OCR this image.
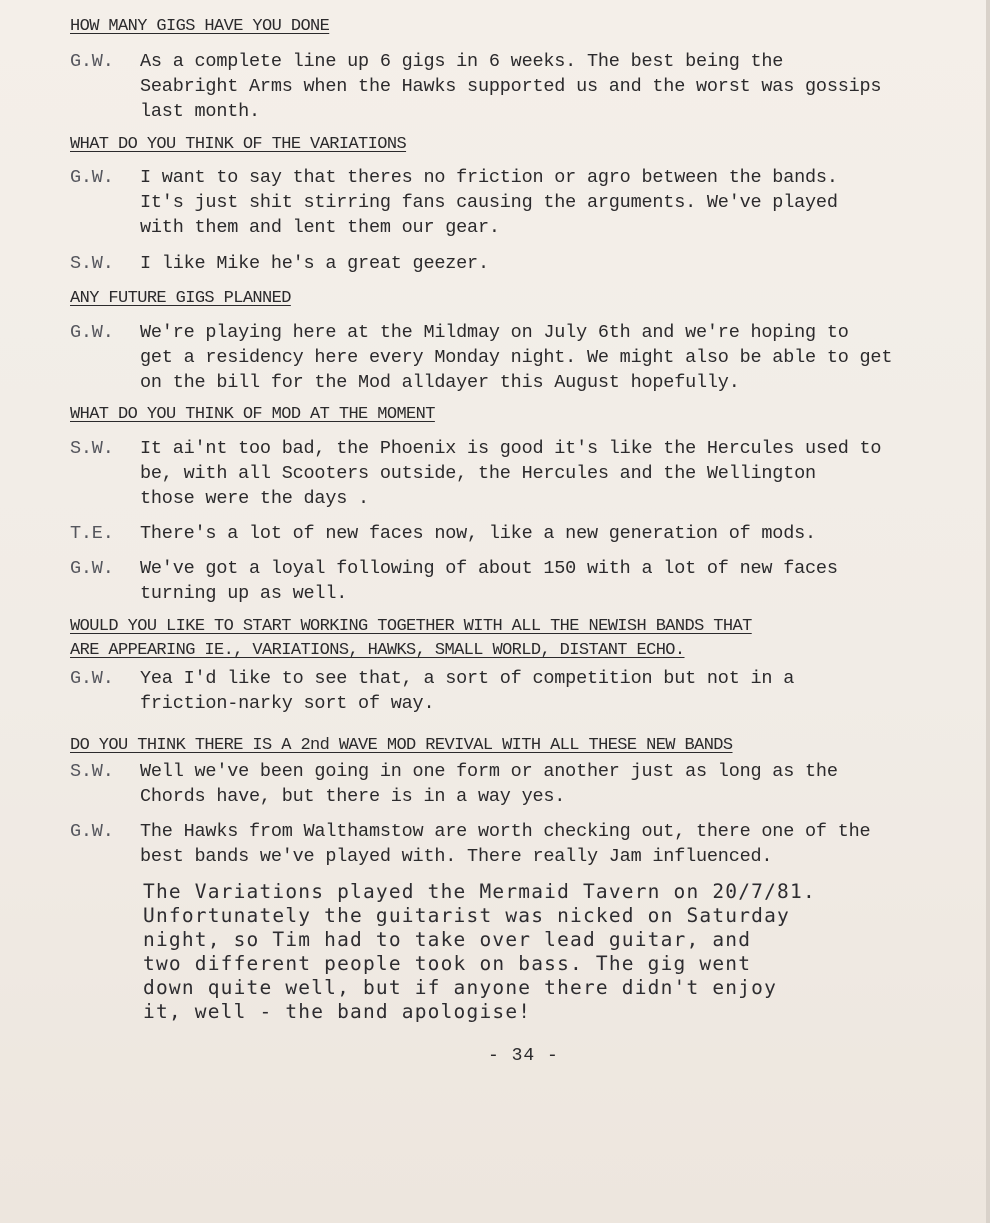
HOW MANY GIGS HAVE YOU DONE
G.W.	As a complete line up 6 gigs in 6 weeks. The best being the
Seabright Arms when the Hawks supported us and the worst was gossips
last month.
WHAT DO YOU THINK OF THE VARIATIONS
G.W.	I want to say that theres no friction or agro between the bands.
It's just shit stirring fans causing the arguments. We've played
with them and lent them our gear.
S.W.	I like Mike he's a great geezer.
ANY FUTURE GIGS PLANNED
G.W.	We're playing here at the Mildmay on July 6th and we're hoping to
get a residency here every Monday night. We might also be able to get
on the bill for the Mod alldayer this August hopefully.
WHAT DO YOU THINK OF MOD AT THE MOMENT
S.W.	It ai'nt too bad, the Phoenix is good it's like the Hercules used to
be, with all Scooters outside, the Hercules and the Wellington
those were the days .
T.E.	There's a lot of new faces now, like a new generation of mods.
G.W.	We've got a loyal following of about 150 with a lot of new faces
turning up as well.
WOULD YOU LIKE TO START WORKING TOGETHER WITH ALL THE NEWISH BANDS THAT
ARE APPEARING IE., VARIATIONS, HAWKS, SMALL WORLD, DISTANT ECHO.
G.W.	Yea I'd like to see that, a sort of competition but not in a
friction-narky sort of way.
DO YOU THINK THERE IS A 2nd WAVE MOD REVIVAL WITH ALL THESE NEW BANDS
S.W.	Well we've been going in one form or another just as long as the
Chords have, but there is in a way yes.
G.W.	The Hawks from Walthamstow are worth checking out, there one of the
best bands we've played with. There really Jam influenced.
The Variations played the Mermaid Tavern on 20/7/81.
Unfortunately the guitarist was nicked on Saturday
night, so Tim had to take over lead guitar, and
two different people took on bass. The gig went
down quite well, but if anyone there didn't enjoy
it, well - the band apologise!
- 34 -
